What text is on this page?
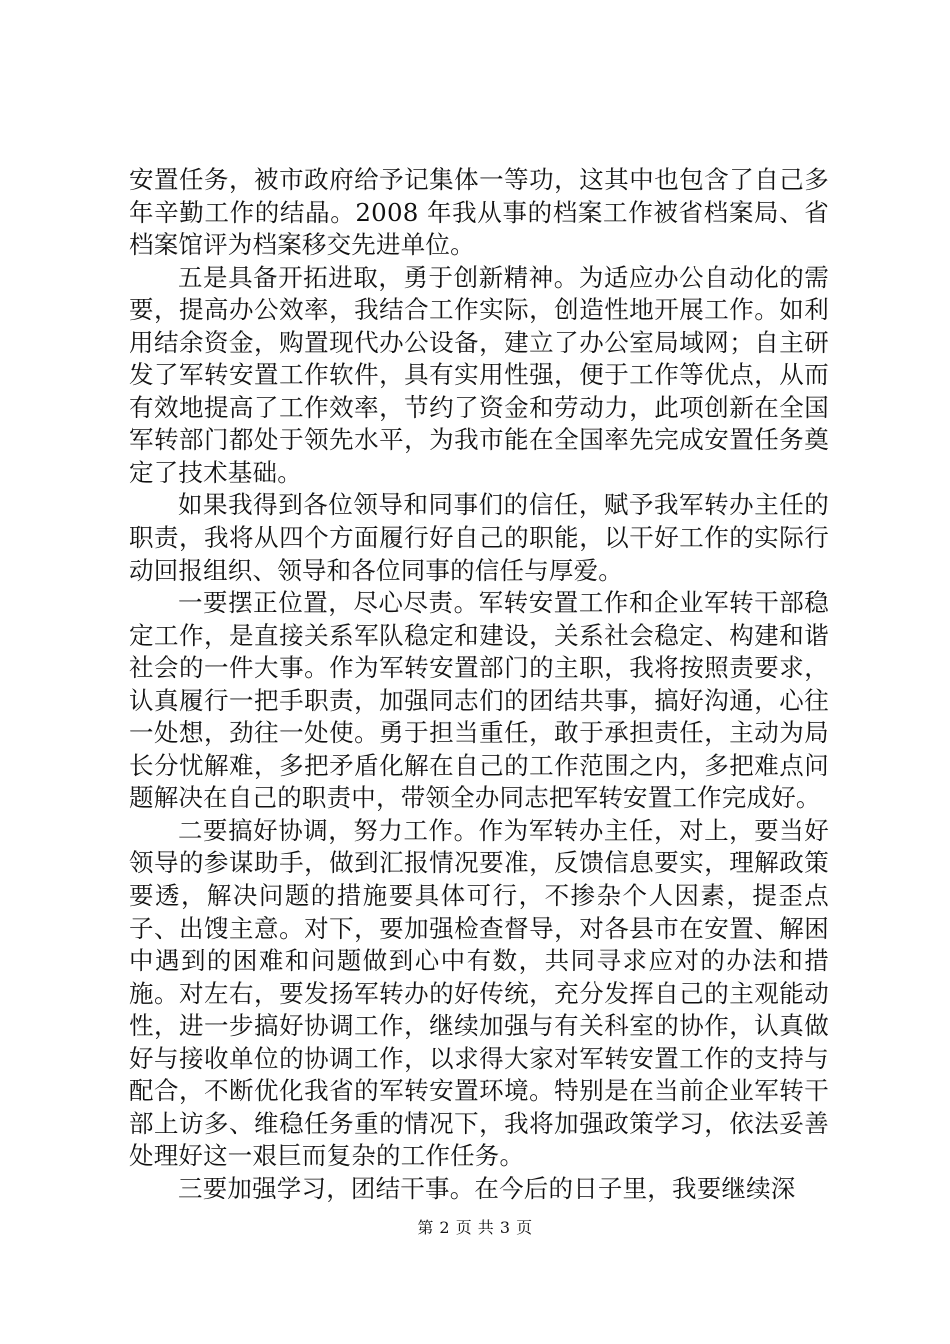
安置任务，被市政府给予记集体一等功，这其中也包含了自己多年辛勤工作的结晶。2008 年我从事的档案工作被省档案局、省档案馆评为档案移交先进单位。

五是具备开拓进取，勇于创新精神。为适应办公自动化的需要，提高办公效率，我结合工作实际，创造性地开展工作。如利用结余资金，购置现代办公设备，建立了办公室局域网；自主研发了军转安置工作软件，具有实用性强，便于工作等优点，从而有效地提高了工作效率，节约了资金和劳动力，此项创新在全国军转部门都处于领先水平，为我市能在全国率先完成安置任务奠定了技术基础。

如果我得到各位领导和同事们的信任，赋予我军转办主任的职责，我将从四个方面履行好自己的职能，以干好工作的实际行动回报组织、领导和各位同事的信任与厚爱。

一要摆正位置，尽心尽责。军转安置工作和企业军转干部稳定工作，是直接关系军队稳定和建设，关系社会稳定、构建和谐社会的一件大事。作为军转安置部门的主职，我将按照责要求，认真履行一把手职责，加强同志们的团结共事，搞好沟通，心往一处想，劲往一处使。勇于担当重任，敢于承担责任，主动为局长分忧解难，多把矛盾化解在自己的工作范围之内，多把难点问题解决在自己的职责中，带领全办同志把军转安置工作完成好。

二要搞好协调，努力工作。作为军转办主任，对上，要当好领导的参谋助手，做到汇报情况要准，反馈信息要实，理解政策要透，解决问题的措施要具体可行，不掺杂个人因素，提歪点子、出馊主意。对下，要加强检查督导，对各县市在安置、解困中遇到的困难和问题做到心中有数，共同寻求应对的办法和措施。对左右，要发扬军转办的好传统，充分发挥自己的主观能动性，进一步搞好协调工作，继续加强与有关科室的协作，认真做好与接收单位的协调工作，以求得大家对军转安置工作的支持与配合，不断优化我省的军转安置环境。特别是在当前企业军转干部上访多、维稳任务重的情况下，我将加强政策学习，依法妥善处理好这一艰巨而复杂的工作任务。

三要加强学习，团结干事。在今后的日子里，我要继续深

第 2 页 共 3 页
